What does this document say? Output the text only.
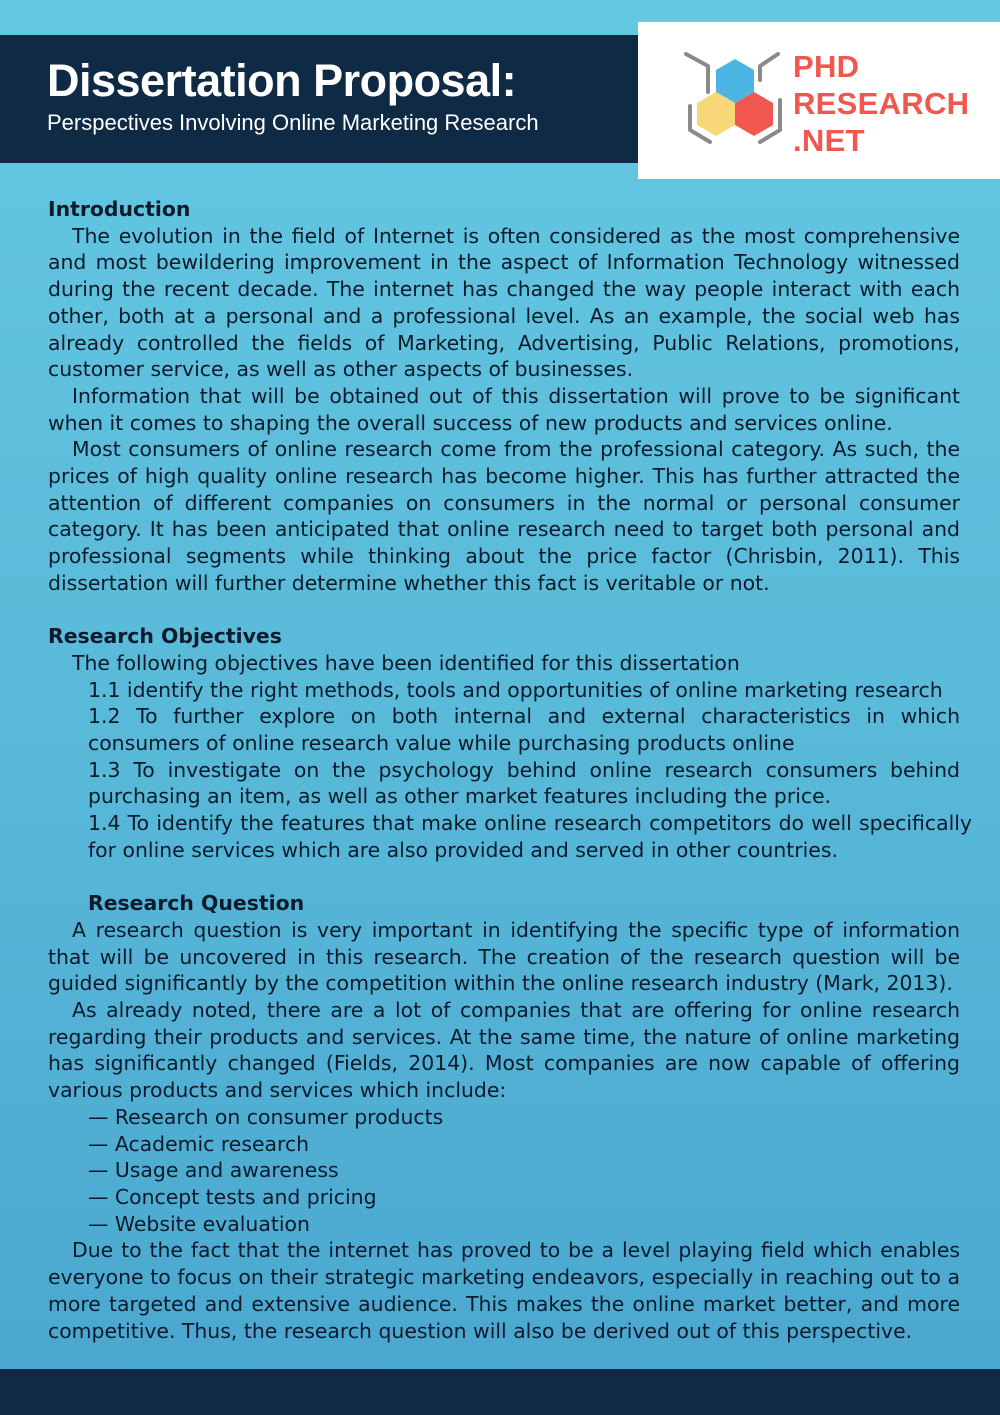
Dissertation Proposal:
Perspectives Involving Online Marketing Research
PHD
RESEARCH
.NET
Introduction

The evolution in the field of Internet is often considered as the most comprehensive and most bewildering improvement in the aspect of Information Technology witnessed during the recent decade. The internet has changed the way people interact with each other, both at a personal and a professional level. As an example, the social web has already controlled the fields of Marketing, Advertising, Public Relations, promotions, customer service, as well as other aspects of businesses.

Information that will be obtained out of this dissertation will prove to be significant when it comes to shaping the overall success of new products and services online.

Most consumers of online research come from the professional category. As such, the prices of high quality online research has become higher. This has further attracted the attention of different companies on consumers in the normal or personal consumer category. It has been anticipated that online research need to target both personal and professional segments while thinking about the price factor (Chrisbin, 2011). This dissertation will further determine whether this fact is veritable or not.

Research Objectives

The following objectives have been identified for this dissertation

1.1 identify the right methods, tools and opportunities of online marketing research

1.2 To further explore on both internal and external characteristics in which consumers of online research value while purchasing products online

1.3 To investigate on the psychology behind online research consumers behind purchasing an item, as well as other market features including the price.

1.4 To identify the features that make online research competitors do well specifically for online services which are also provided and served in other countries.

Research Question

A research question is very important in identifying the specific type of information that will be uncovered in this research. The creation of the research question will be guided significantly by the competition within the online research industry (Mark, 2013).

As already noted, there are a lot of companies that are offering for online research regarding their products and services. At the same time, the nature of online marketing has significantly changed (Fields, 2014). Most companies are now capable of offering various products and services which include:

— Research on consumer products
— Academic research
— Usage and awareness
— Concept tests and pricing
— Website evaluation

Due to the fact that the internet has proved to be a level playing field which enables everyone to focus on their strategic marketing endeavors, especially in reaching out to a more targeted and extensive audience. This makes the online market better, and more competitive. Thus, the research question will also be derived out of this perspective.
